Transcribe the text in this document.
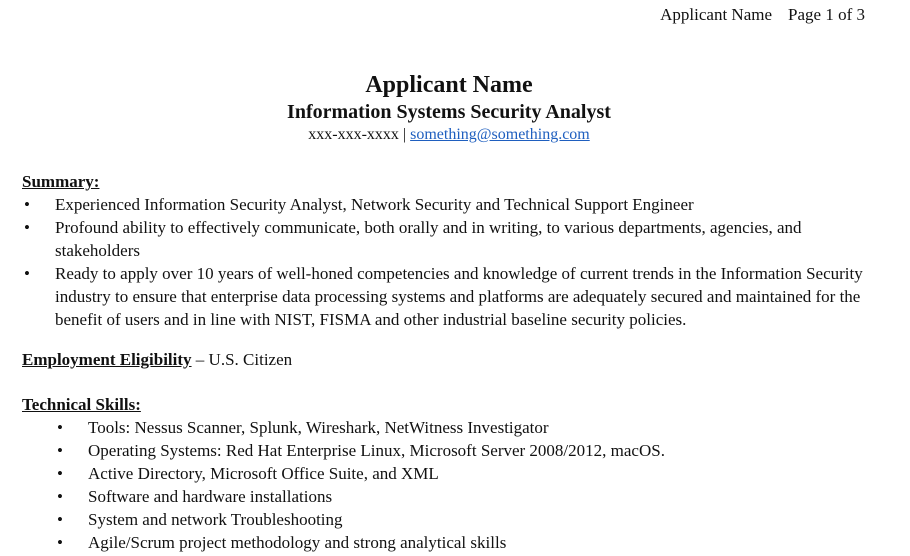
Applicant Name Page 1 of 3
Applicant Name
Information Systems Security Analyst
xxx-xxx-xxxx | something@something.com
Summary:
• Experienced Information Security Analyst, Network Security and Technical Support Engineer
• Profound ability to effectively communicate, both orally and in writing, to various departments, agencies, and stakeholders
• Ready to apply over 10 years of well-honed competencies and knowledge of current trends in the Information Security industry to ensure that enterprise data processing systems and platforms are adequately secured and maintained for the benefit of users and in line with NIST, FISMA and other industrial baseline security policies.
Employment Eligibility – U.S. Citizen
Technical Skills:
• Tools: Nessus Scanner, Splunk, Wireshark, NetWitness Investigator
• Operating Systems: Red Hat Enterprise Linux, Microsoft Server 2008/2012, macOS.
• Active Directory, Microsoft Office Suite, and XML
• Software and hardware installations
• System and network Troubleshooting
• Agile/Scrum project methodology and strong analytical skills
